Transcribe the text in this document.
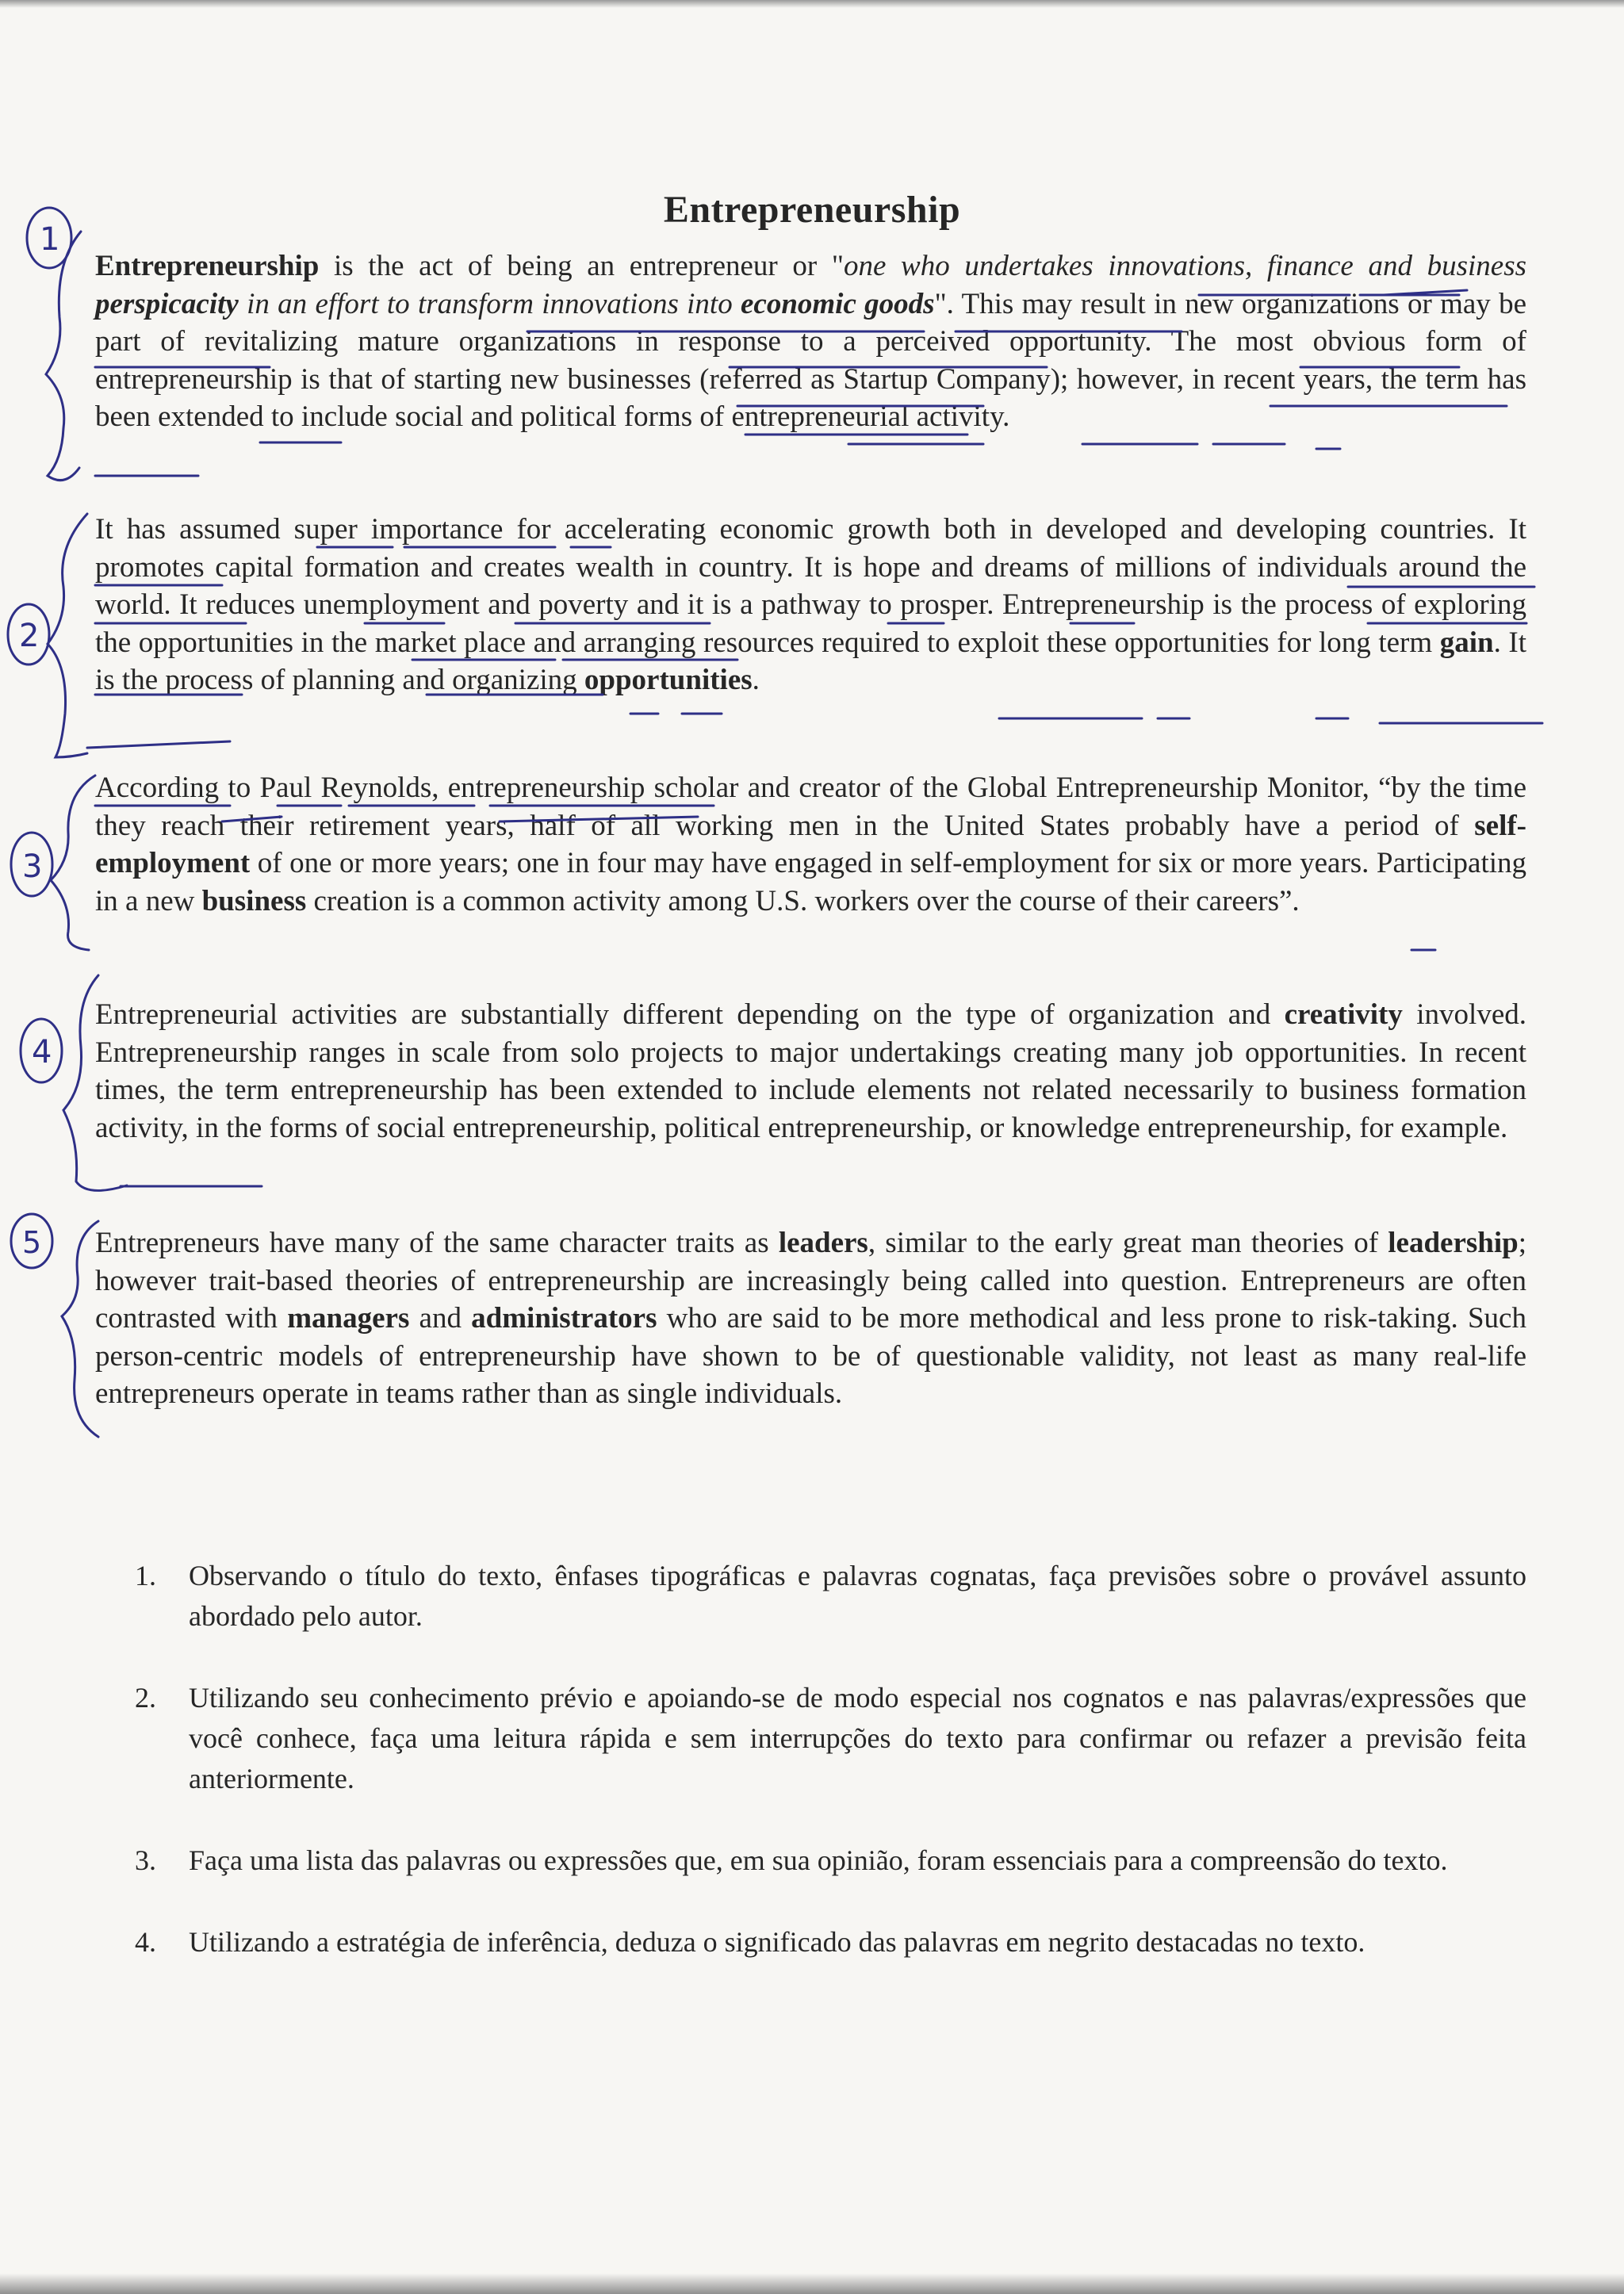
Entrepreneurship

Entrepreneurship is the act of being an entrepreneur or "one who undertakes innovations, finance and business perspicacity in an effort to transform innovations into economic goods". This may result in new organizations or may be part of revitalizing mature organizations in response to a perceived opportunity. The most obvious form of entrepreneurship is that of starting new businesses (referred as Startup Company); however, in recent years, the term has been extended to include social and political forms of entrepreneurial activity.

It has assumed super importance for accelerating economic growth both in developed and developing countries. It promotes capital formation and creates wealth in country. It is hope and dreams of millions of individuals around the world. It reduces unemployment and poverty and it is a pathway to prosper. Entrepreneurship is the process of exploring the opportunities in the market place and arranging resources required to exploit these opportunities for long term gain. It is the process of planning and organizing opportunities.

According to Paul Reynolds, entrepreneurship scholar and creator of the Global Entrepreneurship Monitor, “by the time they reach their retirement years, half of all working men in the United States probably have a period of self-employment of one or more years; one in four may have engaged in self-employment for six or more years. Participating in a new business creation is a common activity among U.S. workers over the course of their careers”.

Entrepreneurial activities are substantially different depending on the type of organization and creativity involved. Entrepreneurship ranges in scale from solo projects to major undertakings creating many job opportunities. In recent times, the term entrepreneurship has been extended to include elements not related necessarily to business formation activity, in the forms of social entrepreneurship, political entrepreneurship, or knowledge entrepreneurship, for example.

Entrepreneurs have many of the same character traits as leaders, similar to the early great man theories of leadership; however trait-based theories of entrepreneurship are increasingly being called into question. Entrepreneurs are often contrasted with managers and administrators who are said to be more methodical and less prone to risk-taking. Such person-centric models of entrepreneurship have shown to be of questionable validity, not least as many real-life entrepreneurs operate in teams rather than as single individuals.

1. Observando o título do texto, ênfases tipográficas e palavras cognatas, faça previsões sobre o provável assunto abordado pelo autor.
2. Utilizando seu conhecimento prévio e apoiando-se de modo especial nos cognatos e nas palavras/expressões que você conhece, faça uma leitura rápida e sem interrupções do texto para confirmar ou refazer a previsão feita anteriormente.
3. Faça uma lista das palavras ou expressões que, em sua opinião, foram essenciais para a compreensão do texto.
4. Utilizando a estratégia de inferência, deduza o significado das palavras em negrito destacadas no texto.
1
2
3
4
5
